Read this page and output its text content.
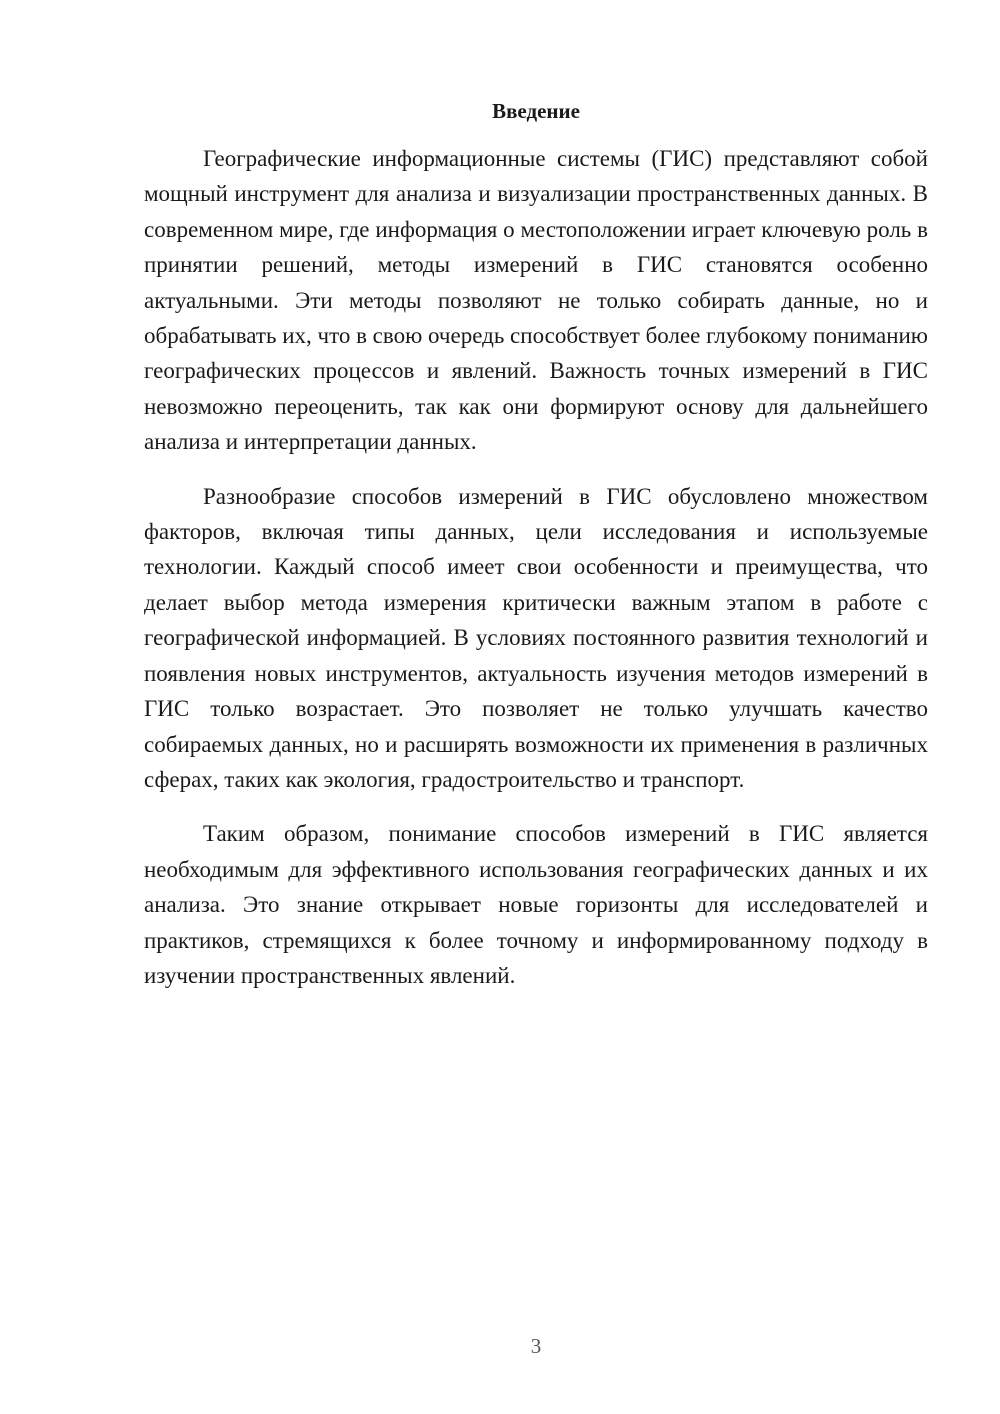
Введение

Географические информационные системы (ГИС) представляют собой мощный инструмент для анализа и визуализации пространственных данных. В современном мире, где информация о местоположении играет ключевую роль в принятии решений, методы измерений в ГИС становятся особенно актуальными. Эти методы позволяют не только собирать данные, но и обрабатывать их, что в свою очередь способствует более глубокому пониманию географических процессов и явлений. Важность точных измерений в ГИС невозможно переоценить, так как они формируют основу для дальнейшего анализа и интерпретации данных.

Разнообразие способов измерений в ГИС обусловлено множеством факторов, включая типы данных, цели исследования и используемые технологии. Каждый способ имеет свои особенности и преимущества, что делает выбор метода измерения критически важным этапом в работе с географической информацией. В условиях постоянного развития технологий и появления новых инструментов, актуальность изучения методов измерений в ГИС только возрастает. Это позволяет не только улучшать качество собираемых данных, но и расширять возможности их применения в различных сферах, таких как экология, градостроительство и транспорт.

Таким образом, понимание способов измерений в ГИС является необходимым для эффективного использования географических данных и их анализа. Это знание открывает новые горизонты для исследователей и практиков, стремящихся к более точному и информированному подходу в изучении пространственных явлений.

3
